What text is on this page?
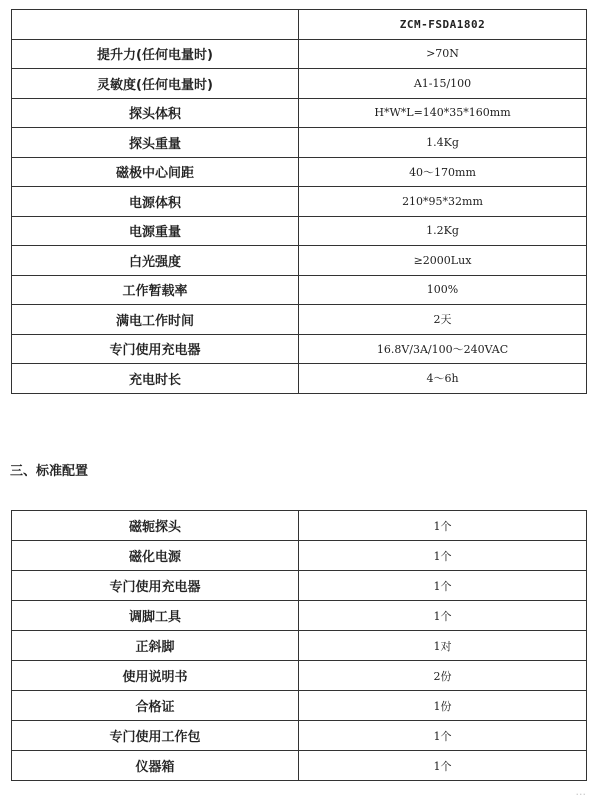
	ZCM-FSDA1802
提升力(任何电量时)	>70N
灵敏度(任何电量时)	A1-15/100
探头体积	H*W*L=140*35*160mm
探头重量	1.4Kg
磁极中心间距	40～170mm
电源体积	210*95*32mm
电源重量	1.2Kg
白光强度	≥2000Lux
工作暂载率	100%
满电工作时间	2天
专门使用充电器	16.8V/3A/100～240VAC
充电时长	4～6h
三、标准配置
磁轭探头	1个
磁化电源	1个
专门使用充电器	1个
调脚工具	1个
正斜脚	1对
使用说明书	2份
合格证	1份
专门使用工作包	1个
仪器箱	1个
...
